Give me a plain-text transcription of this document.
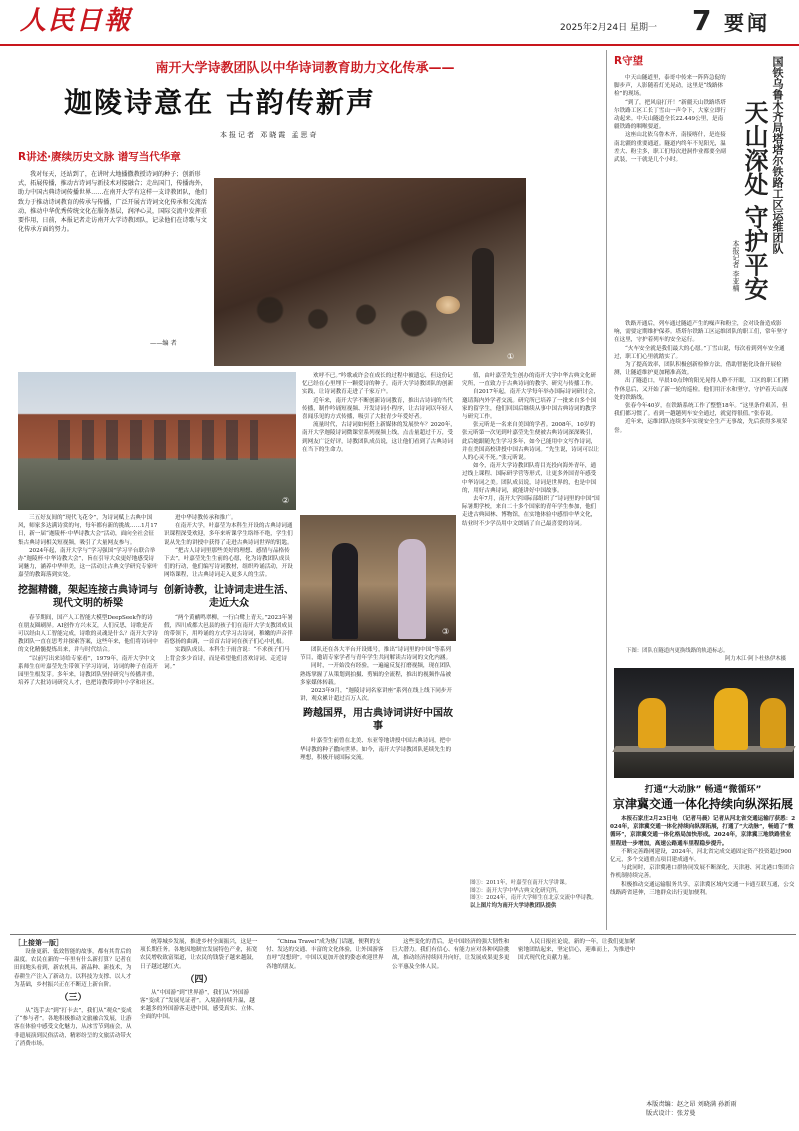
人民日報	2025年2月24日 星期一 7 要闻
南开大学诗教团队以中华诗词教育助力文化传承——
迦陵诗意在 古韵传新声
本报记者 邓晓霞 孟思奇
R讲述·赓续历史文脉 谱写当代华章
我对每天，还站到了，在讲时大地播撒教授诗词的种子；创新形式，拓展传播，推动古诗词与新技术对接融合；走出国门，传播海外，助力中国古典诗词传播世界……在南开大学有这样一支诗教团队，他们致力于推动诗词教育的传承与传播，广泛开展古诗词文化传承和交流活动，推动中华优秀传统文化在服务基层，润泽心灵，国际交流中发挥重要作用，日前，本报记者走访南开大学诗教团队，记录他们在诗歌与文化传承方面的努力。
——编 者
①
②
③

三五好友间的“现代飞花令”，为诗词赋上古典中国风，师家多达满诗赏的句，每年都有新的挑战……1月17日，新一届“迦陵杯·中华诗教大会”活动，面向全社会征集古典诗词相关短视频，吸引了大量网友参与。

2024年起，南开大学与“学习强国”学习平台联合举办“迦陵杯·中华诗教大会”，旨在引导大众更好地感受诗词魅力，涵养中华审美，这一活动让古典文学研究专家叶嘉莹的教诲落到实处。

挖掘精髓，架起连接古典诗词与现代文明的桥梁

春节期间，国产人工智能大模型DeepSeek作的诗在朋友圈刷屏。AI创作方兴未艾，人们反思，诗歌是否可以经由人工智能完成，诗歌的灵魂是什么？南开大学诗教团队一直在思考并探索答案，这些年来，他们将诗词中的文化精髓提炼出来，并与时代结合。

“以前写出来诗给专家看”，1979年，南开大学中文系师生在叶嘉莹先生带领下学习诗词，诗词的种子在南开园里生根发芽。多年来，诗教团队坚持研究与传播并重，培养了大批诗词研究人才，也把诗教带到中小学和社区。

进中华诗教传承和推广。

在南开大学，叶嘉莹为本科生开设的古典诗词通识课程深受欢迎，多年来听课学生络绎不绝，学生们说从先生的讲授中获得了走进古典诗词世界的钥匙。

“把古人诗词里那些美好的理想、感情与品格传下去”，叶嘉莹先生生前的心愿，化为诗教团队成员们的行动，他们编写诗词教材，组织吟诵活动，开设网络课程，让古典诗词走入更多人的生活。

创新诗教，让诗词走进生活、走近大众

“两个黄鹂鸣翠柳，一行白鹭上青天。”2023年暑假，四川成都大邑县的孩子们在南开大学支教团成员的带领下，用吟诵的方式学习古诗词，稚嫩的声音伴着悠扬的曲调，一首首古诗词在孩子们心中扎根。

实践队成员、本科生于雨含说：“不求孩子们马上背会多少首诗，而是希望他们喜欢诗词、走近诗词。”

欢呼不已。”吟歌或许会在成长的过程中被遗忘，但这份记忆已经在心里埋下一颗爱诗的种子。南开大学诗教团队的创新实践，让诗词教育走进了千家万户。

近年来，南开大学不断创新诗词教育，推出古诗词的当代传播，制作吟诵短视频、开发诗词小程序，让古诗词以年轻人喜闻乐见的方式传播，吸引了大批青少年爱好者。

流量时代，古诗词如何搭上新媒体的发展快车？2020年，南开大学迦陵诗词微课堂系列视频上线，点击量超过千万，受到网友广泛好评，诗教团队成员说，这让他们看到了古典诗词在当下的生命力。

团队还在各大平台开设账号，推出“诗词里的中国”等系列节目，邀请专家学者与青年学生共同解读古诗词的文化内涵。

同时，一开始没有经验，一遍遍反复打磨视频，现在团队熟练掌握了从策划到拍摄、剪辑的全流程，推出的视频作品被多家媒体转载。

2023年9月，“迦陵诗词名家讲座”系列在线上线下同步开讲，观众累计超过百万人次。

跨越国界，用古典诗词讲好中国故事

叶嘉莹生前曾在北美、东亚等地讲授中国古典诗词，把中华诗教的种子撒向世界。如今，南开大学诗教团队延续先生的理想，积极开展国际交流。

值，由叶嘉莹先生创办的南开大学中华古典文化研究所，一直致力于古典诗词的教学、研究与传播工作。

自2017年起，南开大学每年举办国际诗词研讨会，邀请海内外学者交流。研究所已培养了一批来自多个国家的留学生，他们回国后继续从事中国古典诗词的教学与研究工作。

张元昕是一名来自美国的学者。2008年，10岁的张元昕第一次见到叶嘉莹先生便被古典诗词深深吸引，此后她跟随先生学习多年，如今已能用中文写作诗词，并在美国高校讲授中国古典诗词。“先生说，诗词可以让人的心灵不死。”张元昕说。

如今，南开大学诗教团队将目光投向海外青年，通过线上课程、国际研学营等形式，让更多外国青年感受中华诗词之美。团队成员说，诗词是世界的，也是中国的，用好古典诗词，就能讲好中国故事。

去年7月，南开大学国际部组织了“诗词里的中国”国际暑期学校，来自二十多个国家的青年学生参加，他们走进古典园林、博物馆，在实地体验中感悟中华文化，结业时不少学员用中文朗诵了自己最喜爱的诗词。

图①：2011年，叶嘉莹在南开大学讲课。
图②：南开大学中华古典文化研究所。
图③：2024年，南开大学师生在北京交流中华诗教。
以上图片均为南开大学诗教团队提供
R守望	国铁乌鲁木齐局塔塔尔铁路工区运维团队
天山深处 守护平安
本报记者 李亚楠

中天山隧道里，泰哥中传来一阵阵急促的脚步声，人影随着灯光晃动，这里是“线路体检”的现场。

“到了，把风扇打开！”新疆天山铁路塔塔尔铁路工区工长丁雪山一声令下，大家立即行动起来。中天山隧道全长22.449公里，是南疆铁路的咽喉要道。

这座山北依乌鲁木齐，南接喀什，是连接南北疆的重要通道。隧道内终年不见阳光，温差大、粉尘多，职工们每次进洞作业都要全副武装，一干就是几个小时。

铁路开通后，列车通过隧道产生的噪声和粉尘，会对设备造成影响，需要定期维护保养。塔塔尔铁路工区运维团队的职工们，常年坚守在这里，守护着列车的安全运行。

“火车安全就是我们最大的心愿。”丁雪山说，每次看到列车安全通过，职工们心里就踏实了。

为了提高效率，团队积极创新检修方法，借助智能化设备开展检测，让隧道维护更加精准高效。

出了隧道口，早晨10点钟的阳光晃得人睁不开眼，工区的职工们稍作休息后，又开始了新一轮的巡检。他们用汗水和坚守，守护着天山深处的铁路线。

张春今年40岁，在铁路系统工作了整整18年。“这里条件艰苦，但我们都习惯了。看到一趟趟列车安全通过，就觉得很值。”张春说。

近年来，运维团队连续多年实现安全生产无事故，先后获得多项荣誉。

下图：团队在隧道内更换线路的轨道标志。
阿力木江·阿卜杜热伊木摄
打通“大动脉” 畅通“微循环”
京津冀交通一体化持续向纵深拓展

本报石家庄2月23日电 （记者马晨）记者从河北省交通运输厅获悉：2024年，京津冀交通一体化持续向纵深拓展，打通了“大动脉”，畅通了“微循环”，京津冀交通一体化格局加快形成。2024年，京津冀三地铁路营业里程进一步增加，高速公路通车里程稳步提升。

不断完善路网建设，2024年，河北省完成交通固定资产投资超过900亿元，多个交通重点项目建成通车。

与此同时，京津冀港口群协同发展不断深化，天津港、河北港口集团合作机制持续完善。

积极推动交通运输服务共享，京津冀区域内交通一卡通互联互通，公交线路跨省延伸，三地群众出行更加便利。

［上接第一版］

设备更新、低效智能的故事，都有其背后的温度。农民在新的一年里有什么新打算？记者在田间地头看到，新农机具、新品种、新技术，为春耕生产注入了新动力。以科技为支撑、以人才为基础，乡村振兴正在不断迈上新台阶。

（三）

从“选手去”到“打卡去”，我们从“观众”变成了“参与者”。各地积极推动文旅融合发展，让游客在体验中感受文化魅力，从冰雪节到庙会，从非遗展演到民俗活动，精彩纷呈的文旅活动带火了消费市场。

统筹城乡发展，推进乡村全面振兴，这是一项长期任务。各地因地制宜发展特色产业，拓宽农民增收致富渠道，让农民的钱袋子越来越鼓，日子越过越红火。

（四）

从“中国游”到“世界游”，我们从“外国游客”变成了“发展见证者”。入境游持续升温，越来越多的外国游客走进中国，感受真实、立体、全面的中国。

“China Travel”成为热门话题，便利的支付、发达的交通、丰富的文化体验，让外国游客直呼“没想到”。中国以更加开放的姿态欢迎世界各地的朋友。

这些变化的背后，是中国经济的强大韧性和巨大潜力。我们有信心、有能力应对各种风险挑战，推动经济持续回升向好，让发展成果更多更公平惠及全体人民。

人民日报社论说，新的一年，让我们更加紧密地团结起来，坚定信心，迎难而上，为推进中国式现代化贡献力量。

本版责编：赵之昂 刘晓满 孙新雨
版式设计：张芳曼
